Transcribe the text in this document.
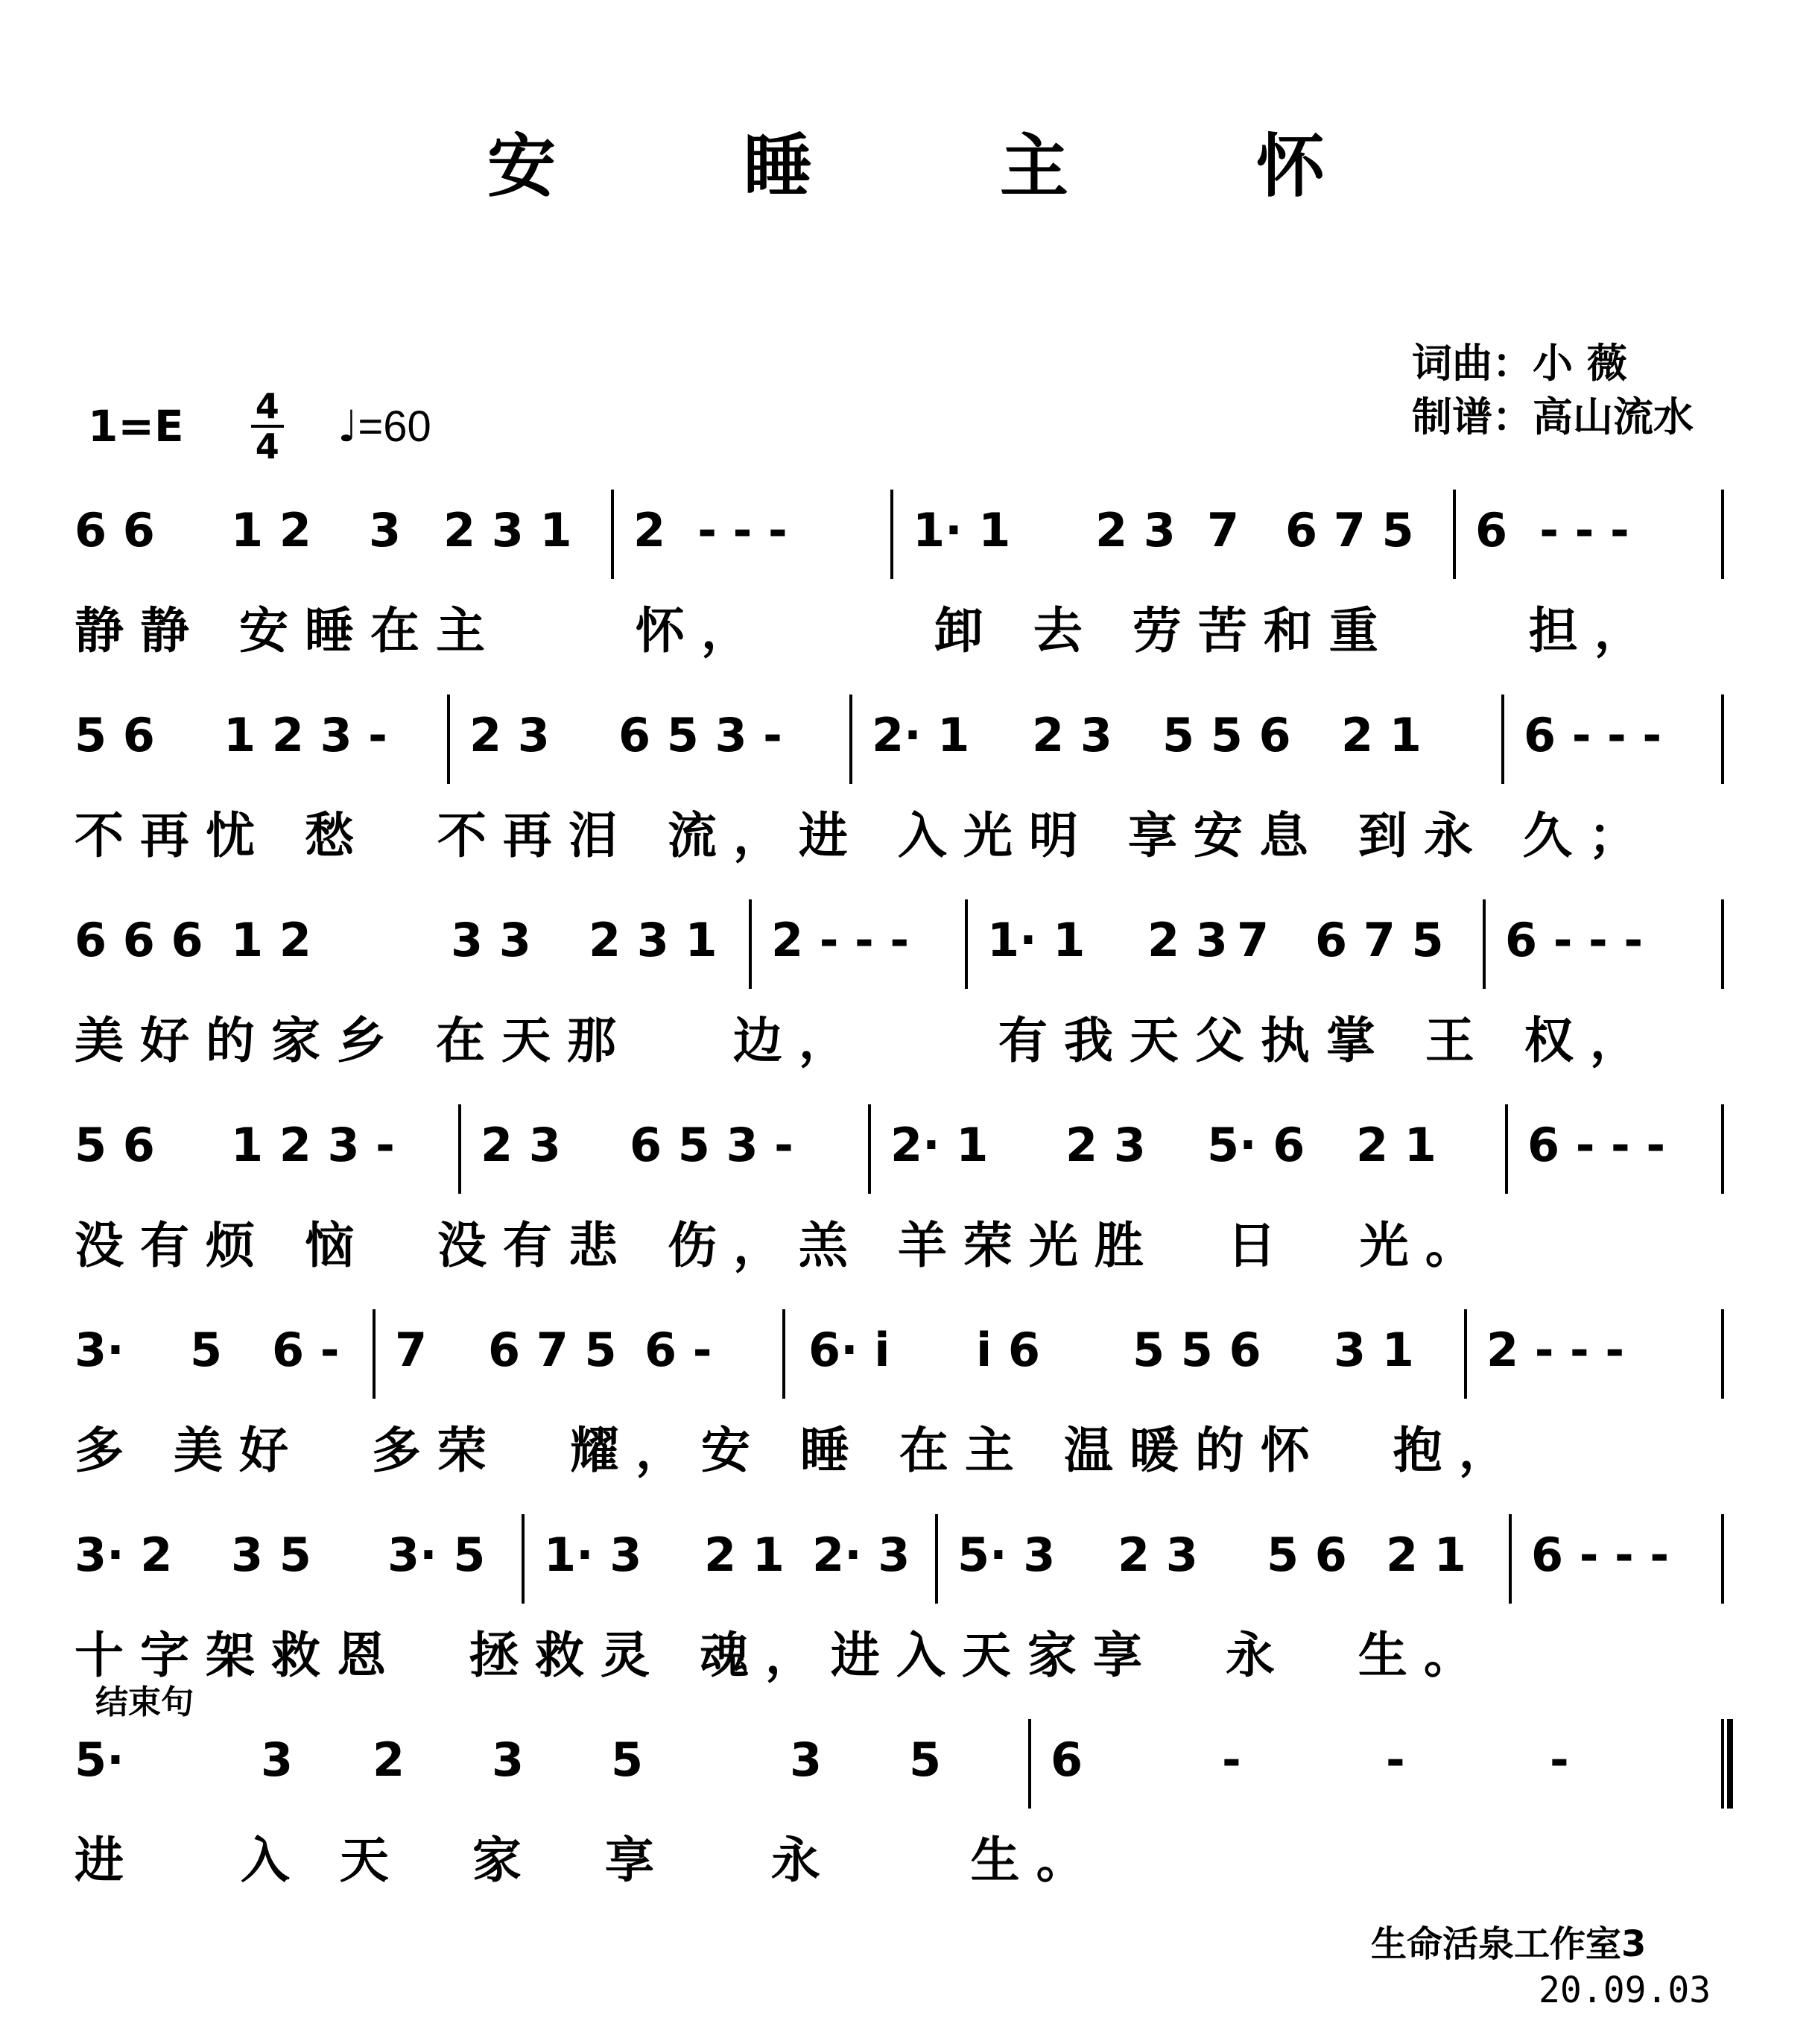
安 睡 主 怀
词曲：小 薇
制谱：高山流水
$1=E \frac{4}{4}$ ♩=60
6 6 1 2 3 2 3 1 2  - - -	1· 1 2 3 7 6 7 5 6  - - -
静静 安睡在主    怀，     卸 去 劳苦和重    担，
5 6 1 2 3 - 2 3 6 5 3 - 2· 1 2 3 5 5 6 2 1 6 - - -
不再忧 愁  不再泪 流，进 入光明 享安息 到永 久；
6 6 6 1 2	3 3 2 3 1 2 - - - 1· 1 2 3 7 6 7 5 6 - - -
美好的家乡 在天那   边，    有我天父执掌 王 权，
5 6 1 2 3 - 2 3 6 5 3 - 2· 1 2 3 5· 6 2 1 6 - - -
没有烦 恼  没有悲 伤，羔 羊荣光胜  日  光。
3· 5 6 - 7 6 7 5 6 - 6· i i 6 5 5 6 3 1 2 - - -
多 美好  多荣  耀，安 睡 在主 温暖的怀  抱，
3· 2 3 5 3· 5 1· 3 2 1 2· 3 5· 3 2 3 5 6 2 1 6 - - -
十字架救恩  拯救灵 魂，进入天家享  永  生。
5·	3 2 3 5	3 5 6	-	-	-
进   入 天  家  享   永    生。
结束句
生命活泉工作室3
20.09.03
